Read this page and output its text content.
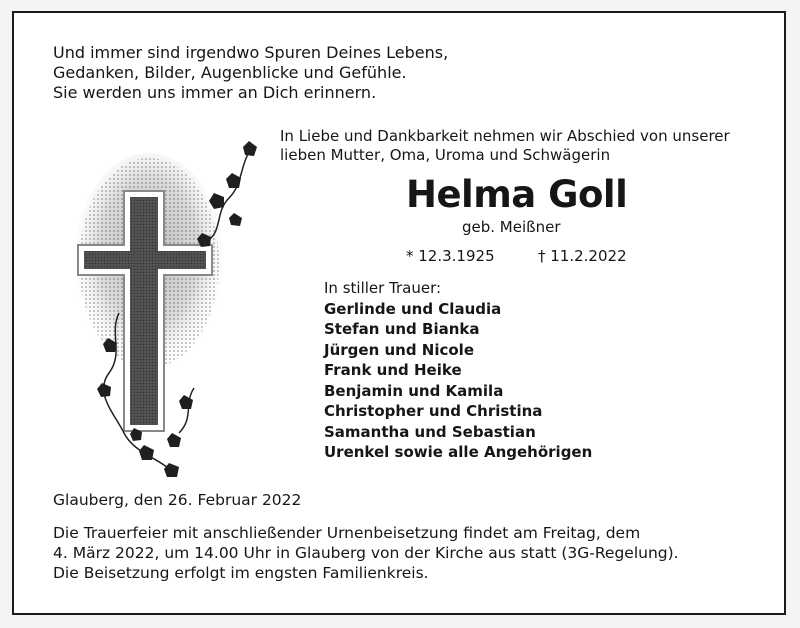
Und immer sind irgendwo Spuren Deines Lebens,
Gedanken, Bilder, Augenblicke und Gefühle.
Sie werden uns immer an Dich erinnern.
In Liebe und Dankbarkeit nehmen wir Abschied von unserer
lieben Mutter, Oma, Uroma und Schwägerin
Helma Goll
geb. Meißner
* 12.3.1925	† 11.2.2022
In stiller Trauer:
Gerlinde und Claudia
Stefan und Bianka
Jürgen und Nicole
Frank und Heike
Benjamin und Kamila
Christopher und Christina
Samantha und Sebastian
Urenkel sowie alle Angehörigen
Glauberg, den 26. Februar 2022
Die Trauerfeier mit anschließender Urnenbeisetzung findet am Freitag, dem
4. März 2022, um 14.00 Uhr in Glauberg von der Kirche aus statt (3G-Regelung).
Die Beisetzung erfolgt im engsten Familienkreis.
